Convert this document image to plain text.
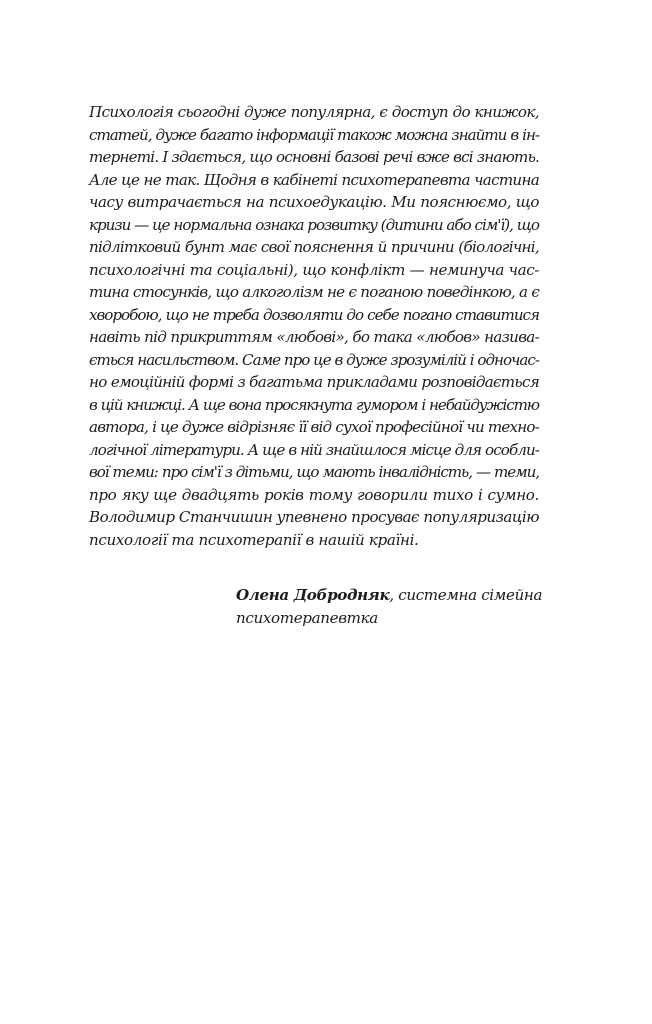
Психологія сьогодні дуже популярна, є доступ до книжок,
статей, дуже багато інформації також можна знайти в ін-
тернеті. І здається, що основні базові речі вже всі знають.
Але це не так. Щодня в кабінеті психотерапевта частина
часу витрачається на психоедукацію. Ми пояснюємо, що
кризи — це нормальна ознака розвитку (дитини або сім'ї), що
підлітковий бунт має свої пояснення й причини (біологічні,
психологічні та соціальні), що конфлікт — неминуча час-
тина стосунків, що алкоголізм не є поганою поведінкою, а є
хворобою, що не треба дозволяти до себе погано ставитися
навіть під прикриттям «любові», бо така «любов» назива-
ється насильством. Саме про це в дуже зрозумілій і одночас-
но емоційній формі з багатьма прикладами розповідається
в цій книжці. А ще вона просякнута гумором і небайдужістю
автора, і це дуже відрізняє її від сухої професійної чи техно-
логічної літератури. А ще в ній знайшлося місце для особли-
вої теми: про сім'ї з дітьми, що мають інвалідність, — теми,
про яку ще двадцять років тому говорили тихо і сумно.
Володимир Станчишин упевнено просуває популяризацію
психології та психотерапії в нашій країні.
Олена Добродняк, системна сімейна
психотерапевтка
